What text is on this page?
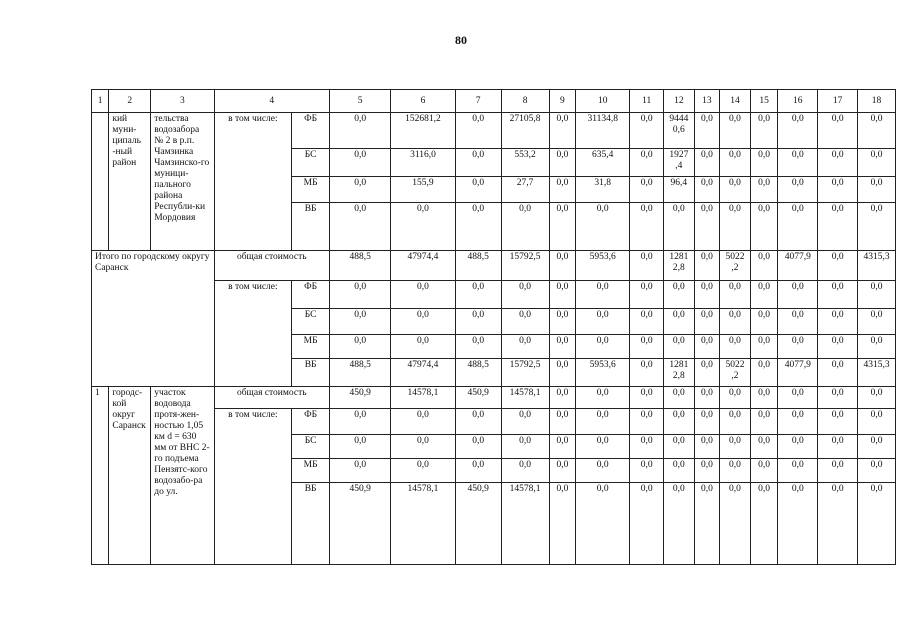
80
1	2	3	4		5	6	7	8	9	10	11	12	13	14	15	16	17	18
	кий муни-ципаль -ный район	тельства водозабора № 2 в р.п. Чамзинка Чамзинско-го муници-пального района Республи-ки Мордовия	в том числе:	ФБ	0,0	152681,2	0,0	27105,8	0,0	31134,8	0,0	9444 0,6	0,0	0,0	0,0	0,0	0,0	0,0
				БС	0,0	3116,0	0,0	553,2	0,0	635,4	0,0	1927 ,4	0,0	0,0	0,0	0,0	0,0	0,0
				МБ	0,0	155,9	0,0	27,7	0,0	31,8	0,0	96,4	0,0	0,0	0,0	0,0	0,0	0,0
				ВБ	0,0	0,0	0,0	0,0	0,0	0,0	0,0	0,0	0,0	0,0	0,0	0,0	0,0	0,0
Итого по городскому округу Саранск			общая стоимость		488,5	47974,4	488,5	15792,5	0,0	5953,6	0,0	1281 2,8	0,0	5022 ,2	0,0	4077,9	0,0	4315,3
			в том числе:	ФБ	0,0	0,0	0,0	0,0	0,0	0,0	0,0	0,0	0,0	0,0	0,0	0,0	0,0	0,0
				БС	0,0	0,0	0,0	0,0	0,0	0,0	0,0	0,0	0,0	0,0	0,0	0,0	0,0	0,0
				МБ	0,0	0,0	0,0	0,0	0,0	0,0	0,0	0,0	0,0	0,0	0,0	0,0	0,0	0,0
				ВБ	488,5	47974,4	488,5	15792,5	0,0	5953,6	0,0	1281 2,8	0,0	5022 ,2	0,0	4077,9	0,0	4315,3
1	городс-кой округ Саранск	участок водовода протя-жен-ностью 1,05 км d = 630 мм от ВНС 2-го подъема Пензятс-кого водозабо-ра до ул.	общая стоимость		450,9	14578,1	450,9	14578,1	0,0	0,0	0,0	0,0	0,0	0,0	0,0	0,0	0,0	0,0
			в том числе:	ФБ	0,0	0,0	0,0	0,0	0,0	0,0	0,0	0,0	0,0	0,0	0,0	0,0	0,0	0,0
				БС	0,0	0,0	0,0	0,0	0,0	0,0	0,0	0,0	0,0	0,0	0,0	0,0	0,0	0,0
				МБ	0,0	0,0	0,0	0,0	0,0	0,0	0,0	0,0	0,0	0,0	0,0	0,0	0,0	0,0
				ВБ	450,9	14578,1	450,9	14578,1	0,0	0,0	0,0	0,0	0,0	0,0	0,0	0,0	0,0	0,0
